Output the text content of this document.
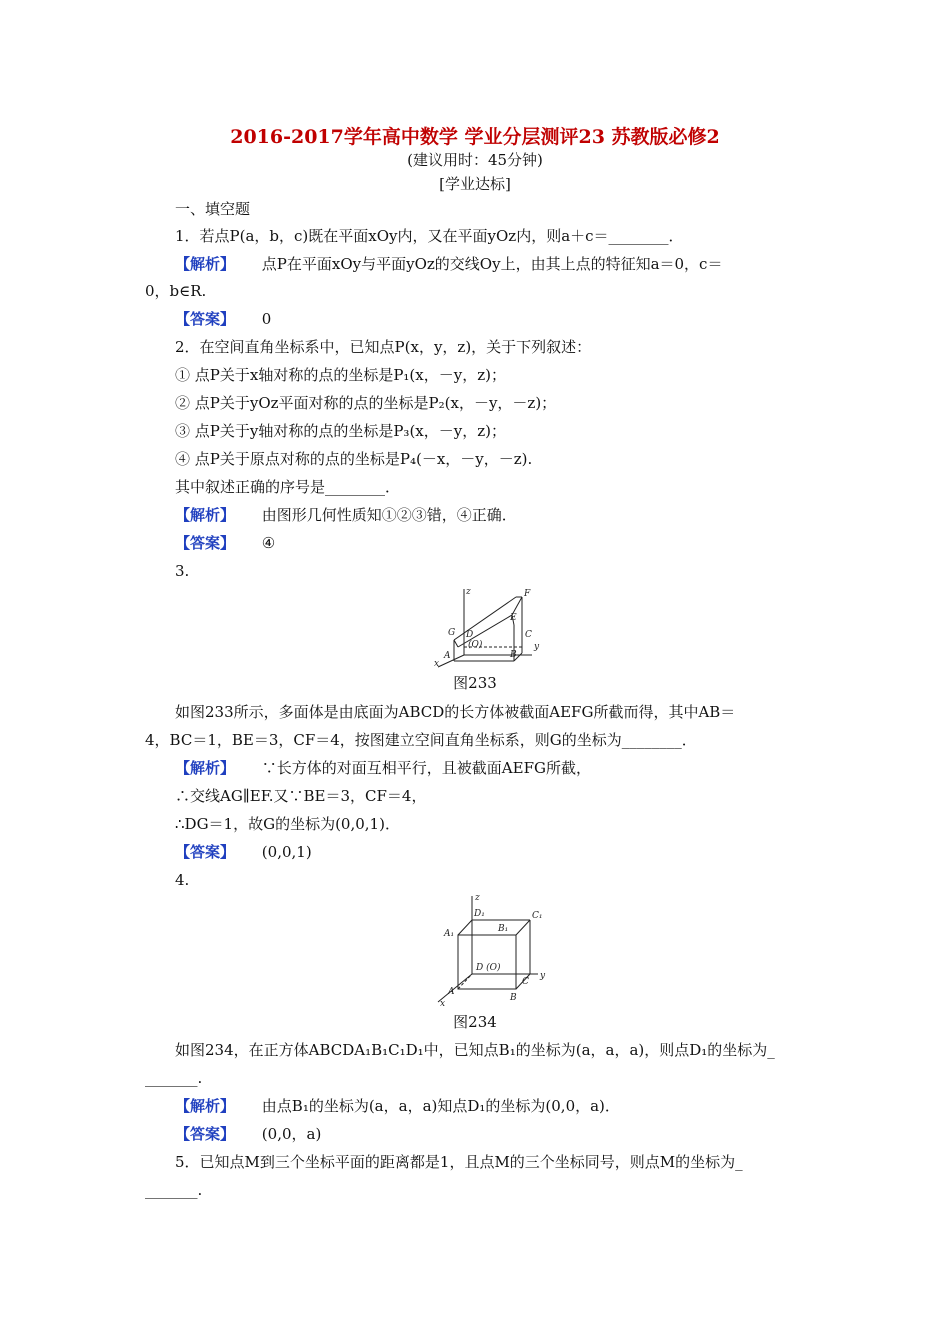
2016-2017学年高中数学 学业分层测评23 苏教版必修2
(建议用时：45分钟)
[学业达标]
一、填空题
1．若点P(a，b，c)既在平面xOy内，又在平面yOz内，则a＋c＝________．
【解析】 点P在平面xOy与平面yOz的交线Oy上，由其上点的特征知a＝0，c＝
0，b∈R.
【答案】 0
2．在空间直角坐标系中，已知点P(x，y，z)，关于下列叙述：
① 点P关于x轴对称的点的坐标是P₁(x，－y，z)；
② 点P关于yOz平面对称的点的坐标是P₂(x，－y，－z)；
③ 点P关于y轴对称的点的坐标是P₃(x，－y，z)；
④ 点P关于原点对称的点的坐标是P₄(－x，－y，－z).
其中叙述正确的序号是________．
【解析】 由图形几何性质知①②③错，④正确．
【答案】 ④
3.
z	F
G D
(O)
E
C
y
A	B
x
图233
如图233所示，多面体是由底面为ABCD的长方体被截面AEFG所截而得，其中AB＝
4，BC＝1，BE＝3，CF＝4，按图建立空间直角坐标系，则G的坐标为________．
【解析】 ∵长方体的对面互相平行，且被截面AEFG所截，
∴交线AG∥EF.又∵BE＝3，CF＝4，
∴DG＝1，故G的坐标为(0,0,1)．
【答案】 (0,0,1)
4.
z
D₁	C₁
A₁	B₁
D (O)
C
y
A
B
x
图234
如图234，在正方体ABCDA₁B₁C₁D₁中，已知点B₁的坐标为(a，a，a)，则点D₁的坐标为_
_______.
【解析】 由点B₁的坐标为(a，a，a)知点D₁的坐标为(0,0，a)．
【答案】 (0,0，a)
5．已知点M到三个坐标平面的距离都是1，且点M的三个坐标同号，则点M的坐标为_
_______.
